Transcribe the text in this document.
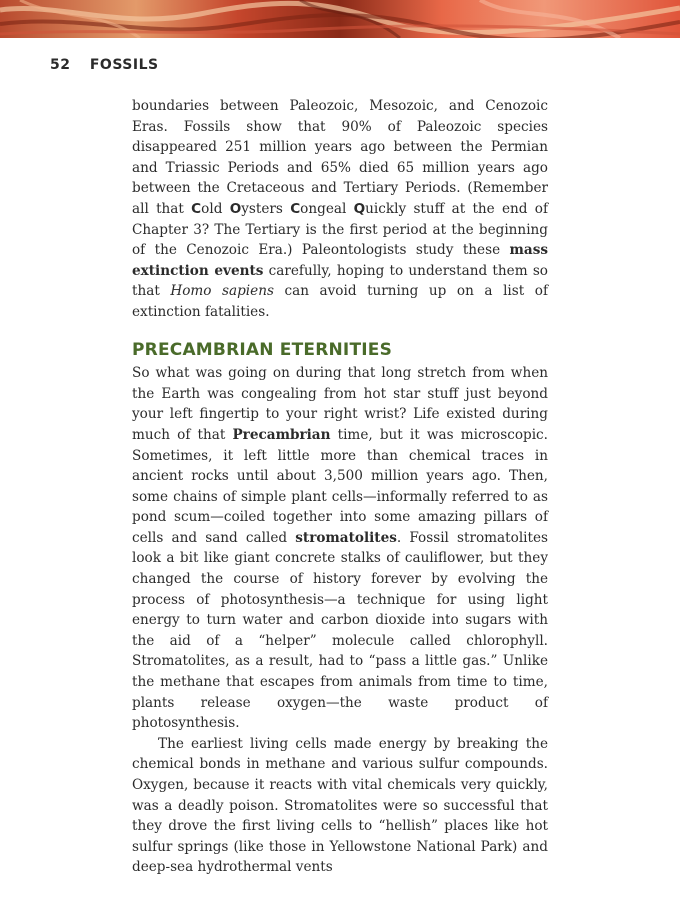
52 FOSSILS

boundaries between Paleozoic, Mesozoic, and Cenozoic Eras. Fossils show that 90% of Paleozoic species disappeared 251 million years ago between the Permian and Triassic Periods and 65% died 65 million years ago between the Cretaceous and Tertiary Periods. (Remember all that Cold Oysters Congeal Quickly stuff at the end of Chapter 3? The Tertiary is the first period at the beginning of the Cenozoic Era.) Paleontologists study these mass extinction events carefully, hoping to understand them so that Homo sapiens can avoid turning up on a list of extinction fatalities.

PRECAMBRIAN ETERNITIES

So what was going on during that long stretch from when the Earth was congealing from hot star stuff just beyond your left fingertip to your right wrist? Life existed during much of that Precambrian time, but it was microscopic. Sometimes, it left little more than chemical traces in ancient rocks until about 3,500 million years ago. Then, some chains of simple plant cells—informally referred to as pond scum—coiled together into some amazing pillars of cells and sand called stromatolites. Fossil stromatolites look a bit like giant concrete stalks of cauliflower, but they changed the course of history forever by evolving the process of photosynthesis—a technique for using light energy to turn water and carbon dioxide into sugars with the aid of a “helper” molecule called chlorophyll. Stromatolites, as a result, had to “pass a little gas.” Unlike the methane that escapes from animals from time to time, plants release oxygen—the waste product of photosynthesis.

The earliest living cells made energy by breaking the chemical bonds in methane and various sulfur compounds. Oxygen, because it reacts with vital chemicals very quickly, was a deadly poison. Stromatolites were so successful that they drove the first living cells to “hellish” places like hot sulfur springs (like those in Yellowstone National Park) and deep-sea hydrothermal vents
